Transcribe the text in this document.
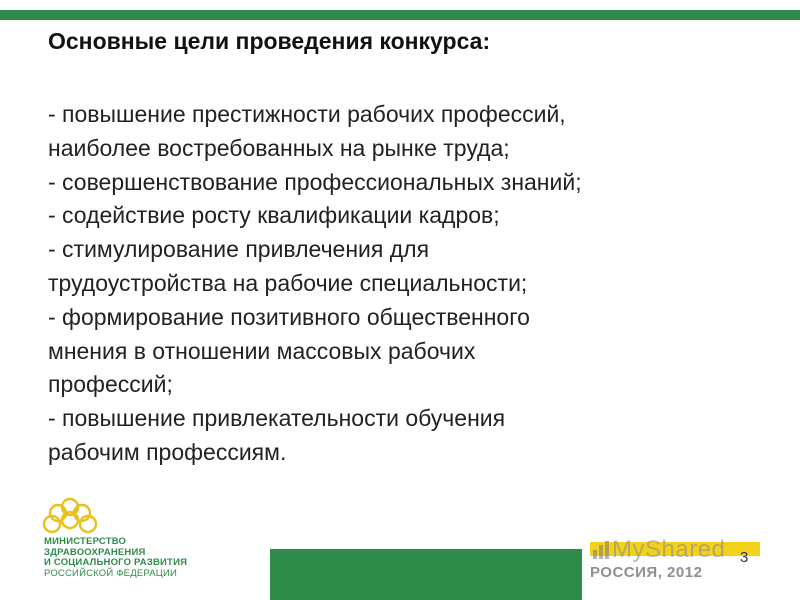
Основные цели проведения конкурса:
- повышение престижности рабочих профессий,
наиболее востребованных на рынке труда;
- совершенствование профессиональных знаний;
- содействие росту квалификации кадров;
- стимулирование привлечения для
трудоустройства на рабочие специальности;
- формирование позитивного общественного
мнения в отношении массовых рабочих
профессий;
- повышение привлекательности обучения
рабочим профессиям.
МИНИСТЕРСТВО
ЗДРАВООХРАНЕНИЯ
И СОЦИАЛЬНОГО РАЗВИТИЯ
РОССИЙСКОЙ ФЕДЕРАЦИИ
MyShared 3
РОССИЯ, 2012
